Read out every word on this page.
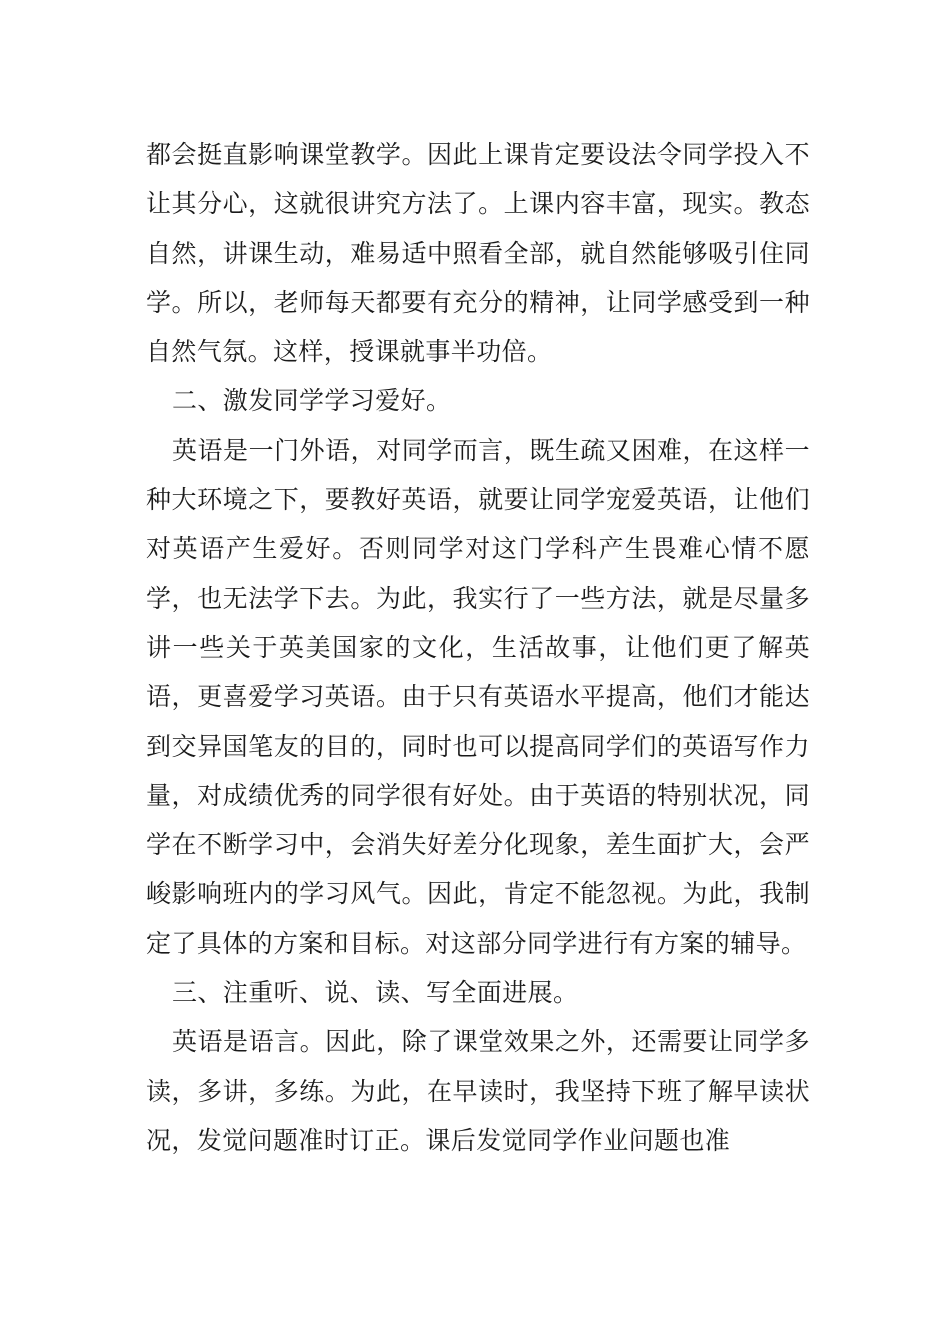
都会挺直影响课堂教学。因此上课肯定要设法令同学投入不让其分心，这就很讲究方法了。上课内容丰富，现实。教态自然，讲课生动，难易适中照看全部，就自然能够吸引住同学。所以，老师每天都要有充分的精神，让同学感受到一种自然气氛。这样，授课就事半功倍。

二、激发同学学习爱好。

英语是一门外语，对同学而言，既生疏又困难，在这样一种大环境之下，要教好英语，就要让同学宠爱英语，让他们对英语产生爱好。否则同学对这门学科产生畏难心情不愿学，也无法学下去。为此，我实行了一些方法，就是尽量多讲一些关于英美国家的文化，生活故事，让他们更了解英语，更喜爱学习英语。由于只有英语水平提高，他们才能达到交异国笔友的目的，同时也可以提高同学们的英语写作力量，对成绩优秀的同学很有好处。由于英语的特别状况，同学在不断学习中，会消失好差分化现象，差生面扩大，会严峻影响班内的学习风气。因此，肯定不能忽视。为此，我制定了具体的方案和目标。对这部分同学进行有方案的辅导。

三、注重听、说、读、写全面进展。

英语是语言。因此，除了课堂效果之外，还需要让同学多读，多讲，多练。为此，在早读时，我坚持下班了解早读状况，发觉问题准时订正。课后发觉同学作业问题也准
